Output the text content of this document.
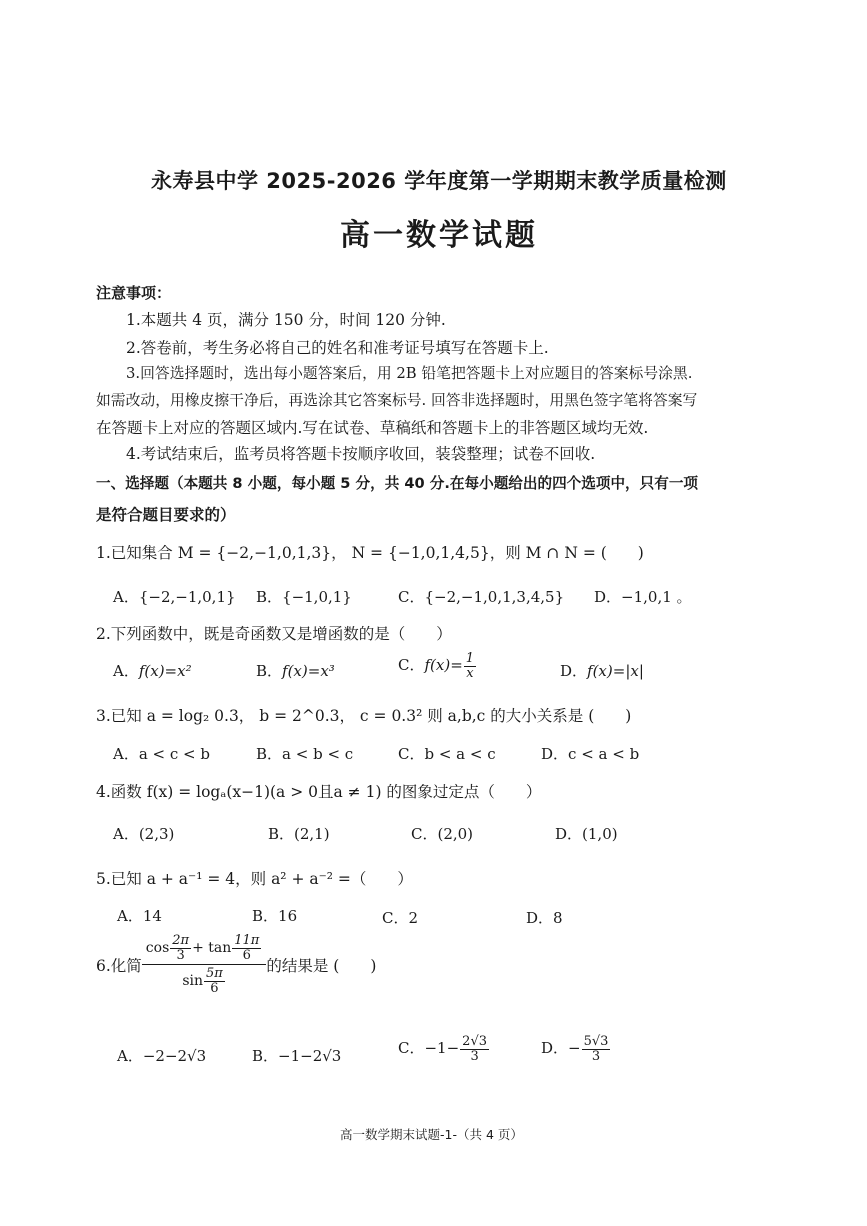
永寿县中学 2025-2026 学年度第一学期期末教学质量检测
高一数学试题
注意事项：
1.本题共 4 页，满分 150 分，时间 120 分钟.
2.答卷前，考生务必将自己的姓名和准考证号填写在答题卡上.
3.回答选择题时，选出每小题答案后，用 2B 铅笔把答题卡上对应题目的答案标号涂黑.
如需改动，用橡皮擦干净后，再选涂其它答案标号. 回答非选择题时，用黑色签字笔将答案写
在答题卡上对应的答题区域内.写在试卷、草稿纸和答题卡上的非答题区域均无效.
4.考试结束后，监考员将答题卡按顺序收回，装袋整理；试卷不回收.
一、选择题（本题共 8 小题，每小题 5 分，共 40 分.在每小题给出的四个选项中，只有一项
是符合题目要求的）
1.已知集合 M = {−2,−1,0,1,3}， N = {−1,0,1,4,5}，则 M ∩ N = (　　)
A．{−2,−1,0,1} B．{−1,0,1}	C．{−2,−1,0,1,3,4,5} D．−1,0,1 。
2.下列函数中，既是奇函数又是增函数的是（　　）
A．f(x)=x²	B．f(x)=x³	C．$f(x)= \frac{1}{x}$	D．f(x)=|x|
3.已知 a = log₂ 0.3， b = 2^0.3， c = 0.3² 则 a,b,c 的大小关系是 (　　)
A．a < c < b	B．a < b < c	C．b < a < c	D．c < a < b
4.函数 f(x) = logₐ(x−1)(a > 0且a ≠ 1) 的图象过定点（　　）
A．(2,3)	B．(2,1)	C．(2,0)	D．(1,0)
5.已知 a + a⁻¹ = 4，则 a² + a⁻² =（　　）
A．14	B．16	C．2	D．8
6.化简 $\frac{\cos \frac{2\pi}{3} + \tan \frac{11\pi}{6}}{\sin \frac{5\pi}{6}}$ 的结果是 (　　)
A．−2−2√3	B．−1−2√3	C．$-1- \frac{2√3}{3}$	D．− $\frac{5√3}{3}$
高一数学期末试题-1-（共 4 页）
